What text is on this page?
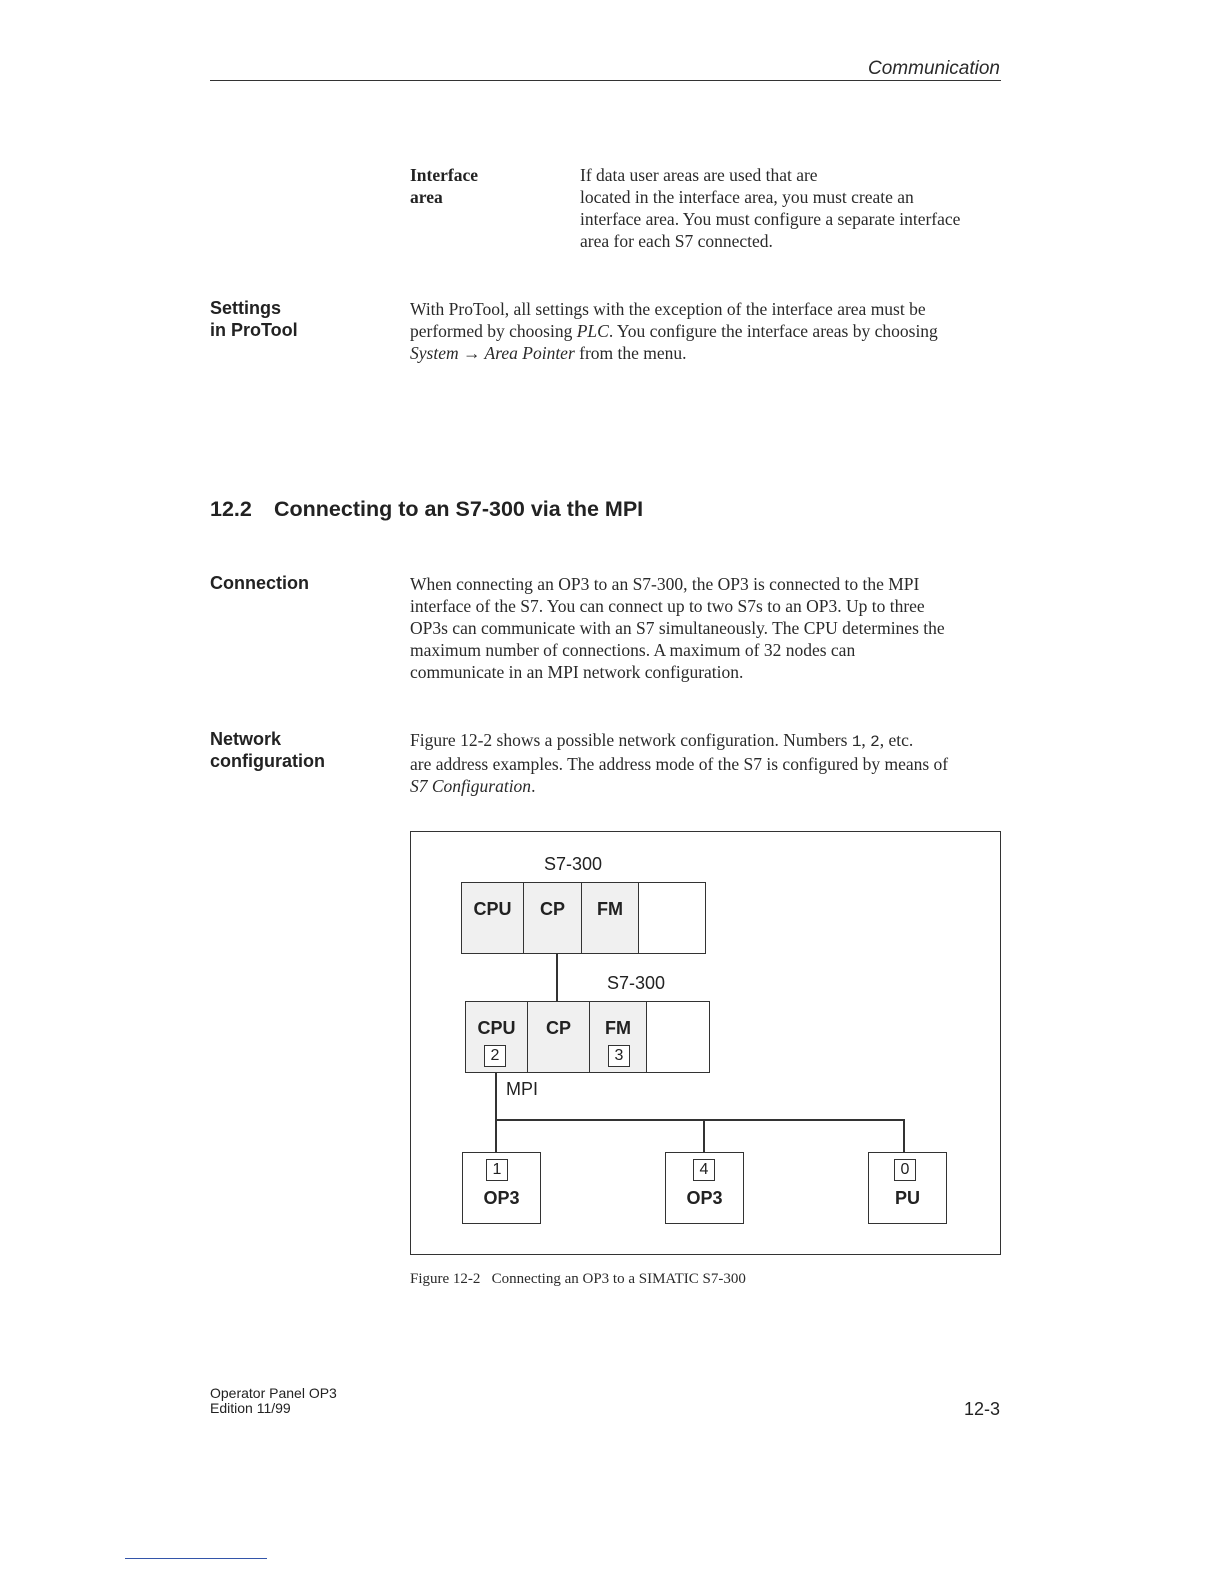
Communication
Interface
area
If data user areas are used that are
located in the interface area, you must create an
interface area. You must configure a separate interface
area for each S7 connected.
Settings
in ProTool
With ProTool, all settings with the exception of the interface area must be
performed by choosing PLC. You configure the interface areas by choosing
System → Area Pointer from the menu.
12.2 Connecting to an S7-300 via the MPI
Connection	When connecting an OP3 to an S7-300, the OP3 is connected to the MPI
interface of the S7. You can connect up to two S7s to an OP3. Up to three
OP3s can communicate with an S7 simultaneously. The CPU determines the
maximum number of connections. A maximum of 32 nodes can
communicate in an MPI network configuration.
Network
configuration
Figure 12-2 shows a possible network configuration. Numbers 1, 2, etc.
are address examples. The address mode of the S7 is configured by means of
S7 Configuration.
S7-300
CPU	CP	FM
S7-300
CPU
2
CP	FM
3
MPI
1
OP3
4
OP3
0
PU
Figure 12-2 Connecting an OP3 to a SIMATIC S7-300
Operator Panel OP3
Edition 11/99	12-3
